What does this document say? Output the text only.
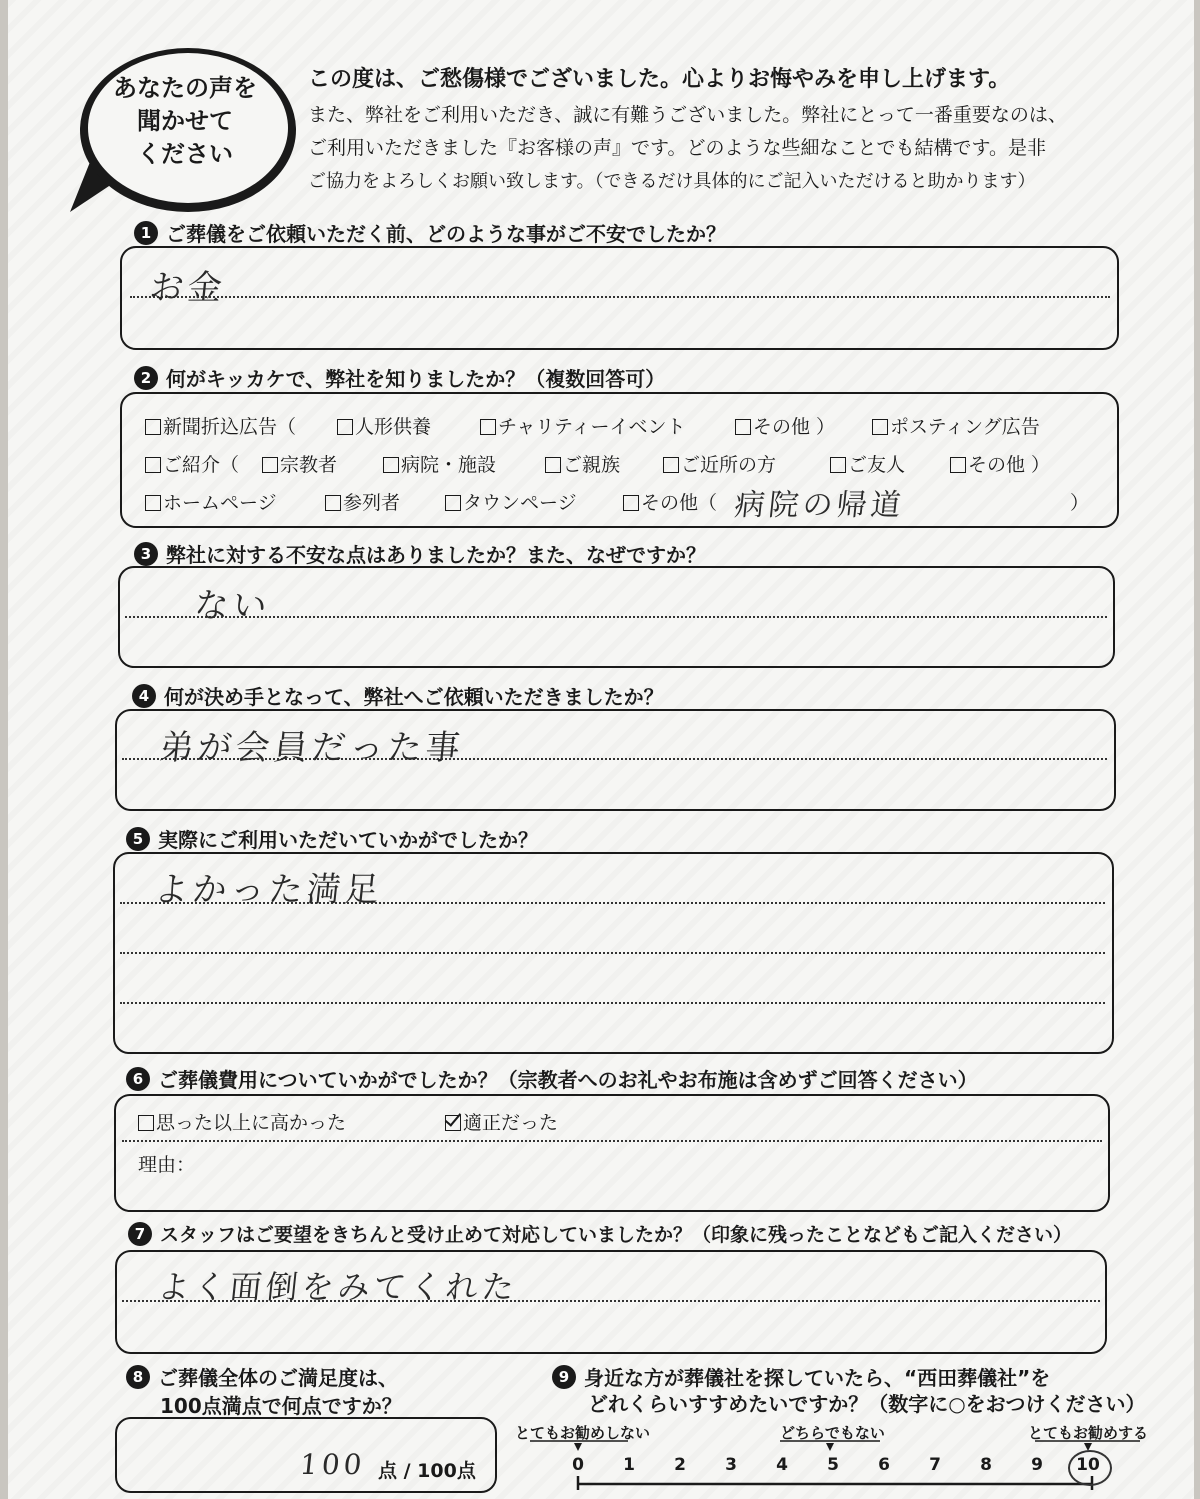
あなたの声を
聞かせて
ください

この度は、ご愁傷様でございました。心よりお悔やみを申し上げます。

また、弊社をご利用いただき、誠に有難うございました。弊社にとって一番重要なのは、

ご利用いただきました『お客様の声』です。どのような些細なことでも結構です。是非

ご協力をよろしくお願い致します。（できるだけ具体的にご記入いただけると助かります）

1 ご葬儀をご依頼いただく前、どのような事がご不安でしたか？
お金
2 何がキッカケで、弊社を知りましたか？（複数回答可）
新聞折込広告（	人形供養	チャリティーイベント	その他 ）	ポスティング広告
ご紹介（	宗教者	病院・施設	ご親族	ご近所の方	ご友人	その他 ）
ホームページ	参列者	タウンページ	その他（ 病院の帰道	）
3 弊社に対する不安な点はありましたか？また、なぜですか？
ない
4 何が決め手となって、弊社へご依頼いただきましたか？
弟が会員だった事
5 実際にご利用いただいていかがでしたか？
よかった満足
6 ご葬儀費用についていかがでしたか？（宗教者へのお礼やお布施は含めずご回答ください）
思った以上に高かった	適正だった
理由：
7 スタッフはご要望をきちんと受け止めて対応していましたか？（印象に残ったことなどもご記入ください）
よく面倒をみてくれた
8 ご葬儀全体のご満足度は、
100点満点で何点ですか？
100 点 / 100点
9 身近な方が葬儀社を探していたら、“西田葬儀社”を
どれくらいすすめたいですか？（数字に○をおつけください）
とてもお勧めしない	どちらでもない	とてもお勧めする
0	1	2	3	4	5	6	7	8	9	10
